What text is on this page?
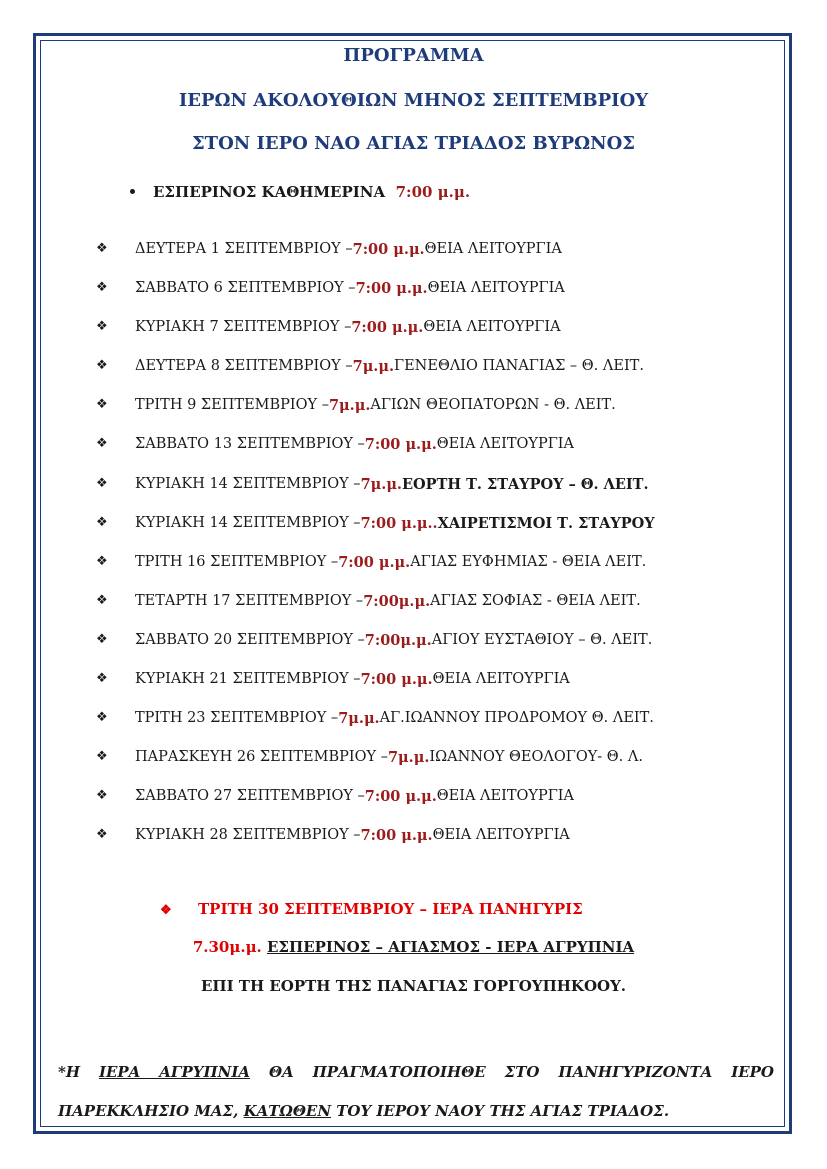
ΠΡΟΓΡΑΜΜΑ
ΙΕΡΩΝ ΑΚΟΛΟΥΘΙΩΝ ΜΗΝΟΣ ΣΕΠΤΕΜΒΡΙΟΥ
ΣΤΟΝ ΙΕΡΟ ΝΑΟ ΑΓΙΑΣ ΤΡΙΑΔΟΣ ΒΥΡΩΝΟΣ
ΕΣΠΕΡΙΝΟΣ ΚΑΘΗΜΕΡΙΝΑ 7:00 μ.μ.
❖	ΔΕΥΤΕΡΑ 1 ΣΕΠΤΕΜΒΡΙΟΥ – 7:00 μ.μ. ΘΕΙΑ ΛΕΙΤΟΥΡΓΙΑ
❖	ΣΑΒΒΑΤΟ 6 ΣΕΠΤΕΜΒΡΙΟΥ – 7:00 μ.μ. ΘΕΙΑ ΛΕΙΤΟΥΡΓΙΑ
❖	ΚΥΡΙΑΚΗ 7 ΣΕΠΤΕΜΒΡΙΟΥ – 7:00 μ.μ. ΘΕΙΑ ΛΕΙΤΟΥΡΓΙΑ
❖	ΔΕΥΤΕΡΑ 8 ΣΕΠΤΕΜΒΡΙΟΥ – 7μ.μ. ΓΕΝΕΘΛΙΟ ΠΑΝΑΓΙΑΣ – Θ. ΛΕΙΤ.
❖	ΤΡΙΤΗ 9 ΣΕΠΤΕΜΒΡΙΟΥ – 7μ.μ. ΑΓΙΩΝ ΘΕΟΠΑΤΟΡΩΝ - Θ. ΛΕΙΤ.
❖	ΣΑΒΒΑΤΟ 13 ΣΕΠΤΕΜΒΡΙΟΥ – 7:00 μ.μ. ΘΕΙΑ ΛΕΙΤΟΥΡΓΙΑ
❖	ΚΥΡΙΑΚΗ 14 ΣΕΠΤΕΜΒΡΙΟΥ – 7μ.μ. ΕΟΡΤΗ Τ. ΣΤΑΥΡΟΥ – Θ. ΛΕΙΤ.
❖	ΚΥΡΙΑΚΗ 14 ΣΕΠΤΕΜΒΡΙΟΥ – 7:00 μ.μ.. ΧΑΙΡΕΤΙΣΜΟΙ Τ. ΣΤΑΥΡΟΥ
❖	ΤΡΙΤΗ 16 ΣΕΠΤΕΜΒΡΙΟΥ – 7:00 μ.μ. ΑΓΙΑΣ ΕΥΦΗΜΙΑΣ - ΘΕΙΑ ΛΕΙΤ.
❖	ΤΕΤΑΡΤΗ 17 ΣΕΠΤΕΜΒΡΙΟΥ – 7:00μ.μ. ΑΓΙΑΣ ΣΟΦΙΑΣ - ΘΕΙΑ ΛΕΙΤ.
❖	ΣΑΒΒΑΤΟ 20 ΣΕΠΤΕΜΒΡΙΟΥ – 7:00μ.μ. ΑΓΙΟΥ ΕΥΣΤΑΘΙΟΥ – Θ. ΛΕΙΤ.
❖	ΚΥΡΙΑΚΗ 21 ΣΕΠΤΕΜΒΡΙΟΥ – 7:00 μ.μ. ΘΕΙΑ ΛΕΙΤΟΥΡΓΙΑ
❖	ΤΡΙΤΗ 23 ΣΕΠΤΕΜΒΡΙΟΥ – 7μ.μ. ΑΓ.ΙΩΑΝΝΟΥ ΠΡΟΔΡΟΜΟΥ Θ. ΛΕΙΤ.
❖	ΠΑΡΑΣΚΕΥΗ 26 ΣΕΠΤΕΜΒΡΙΟΥ – 7μ.μ. ΙΩΑΝΝΟΥ ΘΕΟΛΟΓΟΥ- Θ. Λ.
❖	ΣΑΒΒΑΤΟ 27 ΣΕΠΤΕΜΒΡΙΟΥ – 7:00 μ.μ. ΘΕΙΑ ΛΕΙΤΟΥΡΓΙΑ
❖	ΚΥΡΙΑΚΗ 28 ΣΕΠΤΕΜΒΡΙΟΥ – 7:00 μ.μ. ΘΕΙΑ ΛΕΙΤΟΥΡΓΙΑ
❖ ΤΡΙΤΗ 30 ΣΕΠΤΕΜΒΡΙΟΥ – ΙΕΡΑ ΠΑΝΗΓΥΡΙΣ
7.30μ.μ. ΕΣΠΕΡΙΝΟΣ – ΑΓΙΑΣΜΟΣ - ΙΕΡΑ ΑΓΡΥΠΝΙΑ
ΕΠΙ ΤΗ ΕΟΡΤΗ ΤΗΣ ΠΑΝΑΓΙΑΣ ΓΟΡΓΟΥΠΗΚΟΟΥ.
*Η ΙΕΡΑ ΑΓΡΥΠΝΙΑ ΘΑ ΠΡΑΓΜΑΤΟΠΟΙΗΘΕ ΣΤΟ ΠΑΝΗΓΥΡΙΖΟΝΤΑ ΙΕΡΟ ΠΑΡΕΚΚΛΗΣΙΟ ΜΑΣ, ΚΑΤΩΘΕΝ ΤΟΥ ΙΕΡΟΥ ΝΑΟΥ ΤΗΣ ΑΓΙΑΣ ΤΡΙΑΔΟΣ.
